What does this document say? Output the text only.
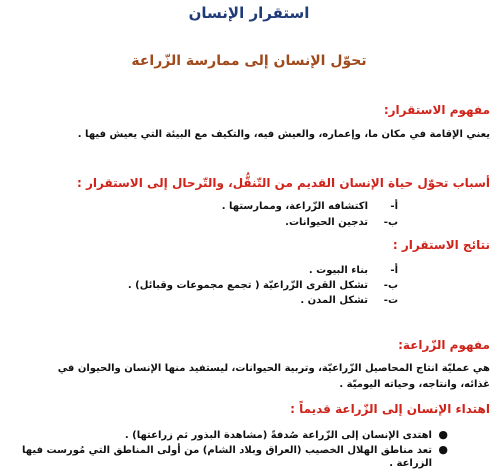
استقرار الإنسان
تحوّل الإنسان إلى ممارسة الزّراعة
مفهوم الاستقرار:
يعني الإقامة في مكان ما، وإعماره، والعيش فيه، والتكيف مع البيئة التي يعيش فيها .
أسباب تحوّل حياة الإنسان القديم من التّنقُّل، والتّرحال إلى الاستقرار :
أ-اكتشافه الزّراعة، وممارستها .
ب-تدجين الحيوانات.
نتائج الاستقرار :
أ-بناء البيوت .
ب-تشكل القرى الزّراعيّة ( تجمع مجموعات وقبائل) .
ت-تشكل المدن .
مفهوم الزّراعة:
هي عمليّة انتاج المحاصيل الزّراعيّة، وتربية الحيوانات، ليستفيد منها الإنسان والحيوان في
غذائه، وانتاجه، وحياته اليوميّة .
اهتداء الإنسان إلى الزّراعة قديماً :
●اهتدى الإنسان إلى الزّراعة صُدفةً (مشاهدة البذور ثم زراعتها) .
●تعد مناطق الهلال الخصيب (العراق وبلاد الشام) من أولى المناطق التي مُورست فيها
الزراعة .
